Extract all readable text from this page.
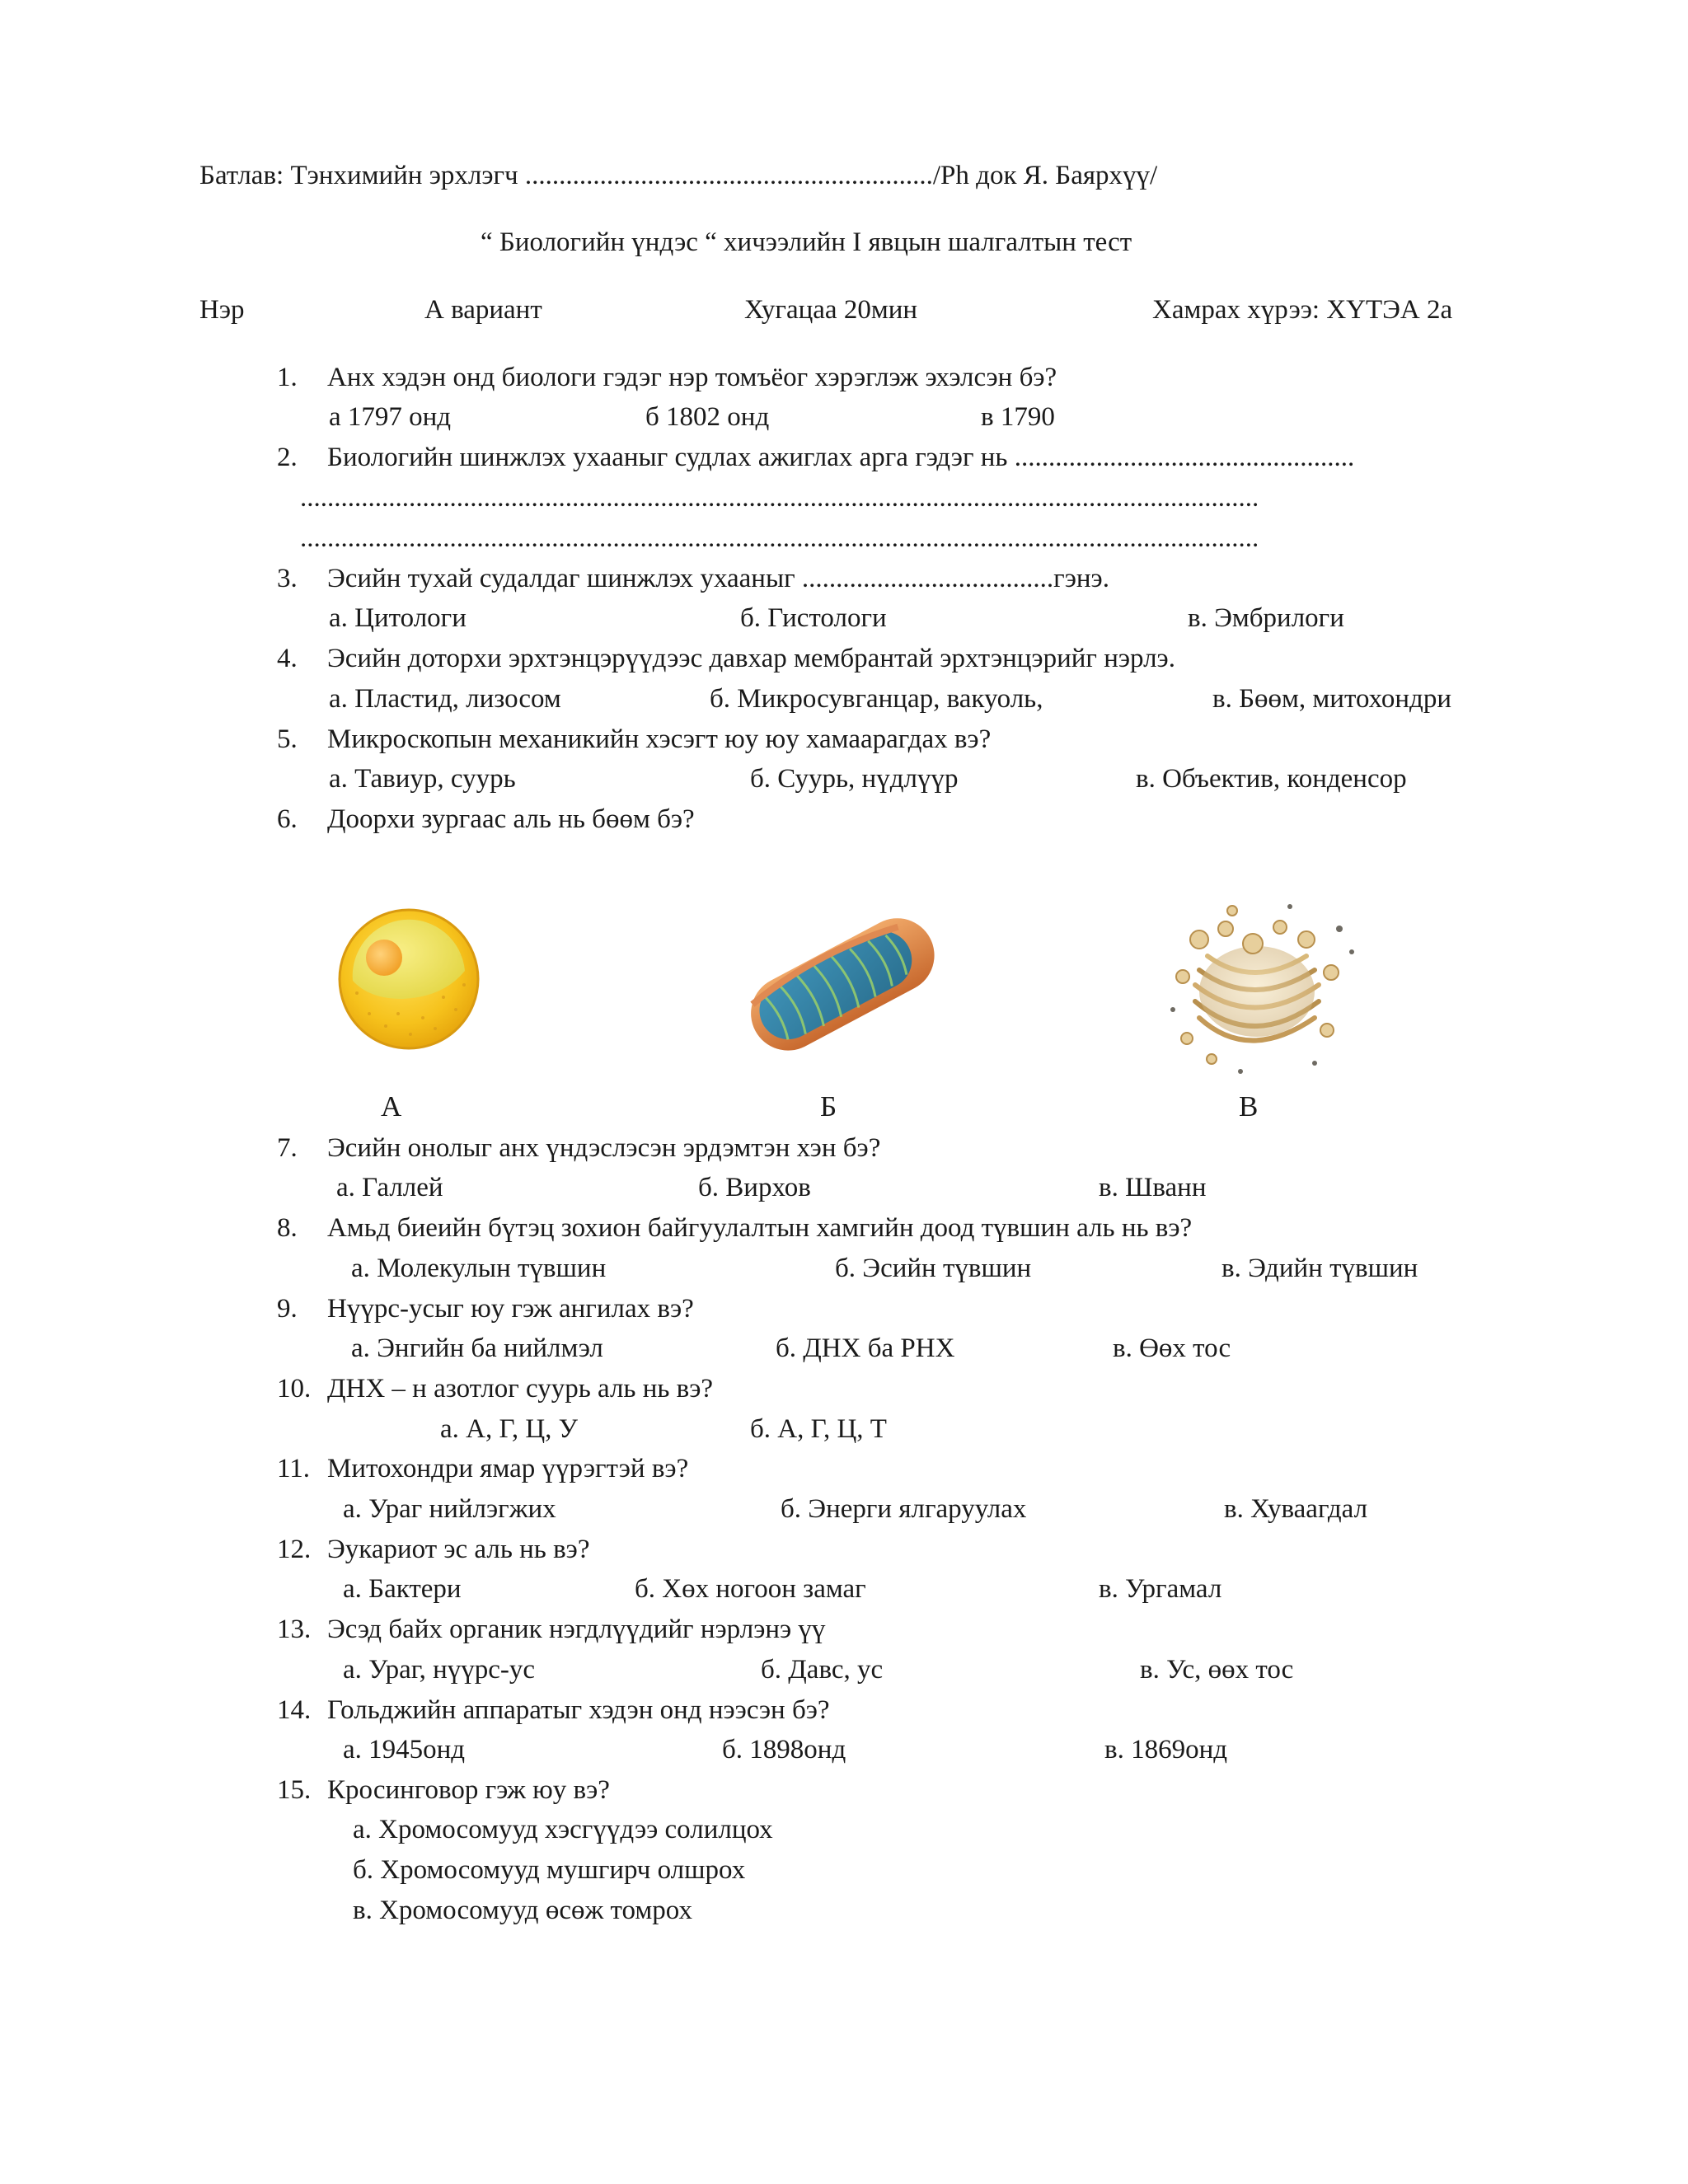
Батлав: Тэнхимийн эрхлэгч ............................................................/Ph док Я. Баярхүү/
“ Биологийн үндэс “ хичээлийн I явцын шалгалтын тест
Нэр	А вариант	Хугацаа 20мин	Хамрах хүрээ: ХҮТЭА 2а
1. Анх хэдэн онд биологи гэдэг нэр томъёог хэрэглэж эхэлсэн бэ?
а 1797 онд	б 1802 онд	в 1790
2. Биологийн шинжлэх ухааныг судлах ажиглах арга гэдэг нь ..................................................
.............................................................................................................................................
.............................................................................................................................................
3. Эсийн тухай судалдаг шинжлэх ухааныг .....................................гэнэ.
а. Цитологи	б. Гистологи	в. Эмбрилоги
4. Эсийн доторхи эрхтэнцэрүүдээс давхар мембрантай эрхтэнцэрийг нэрлэ.
а. Пластид, лизосом	б. Микросувганцар, вакуоль,	в. Бөөм, митохондри
5. Микроскопын механикийн хэсэгт юу юу хамаарагдах вэ?
а. Тавиур, суурь	б. Суурь, нүдлүүр	в. Объектив, конденсор
6. Доорхи зургаас аль нь бөөм бэ?
А	Б	В
7. Эсийн онолыг анх үндэслэсэн эрдэмтэн хэн бэ?
а. Галлей	б. Вирхов	в. Шванн
8. Амьд биеийн бүтэц зохион байгуулалтын хамгийн доод түвшин аль нь вэ?
а. Молекулын түвшин	б. Эсийн түвшин	в. Эдийн түвшин
9. Нүүрс-усыг юу гэж ангилах вэ?
а. Энгийн ба нийлмэл	б. ДНХ ба РНХ	в. Өөх тос
10. ДНХ – н азотлог суурь аль нь вэ?
а. А, Г, Ц, У	б. А, Г, Ц, Т
11. Митохондри ямар үүрэгтэй вэ?
а. Ураг нийлэгжих	б. Энерги ялгаруулах	в. Хуваагдал
12. Эукариот эс аль нь вэ?
а. Бактери	б. Хөх ногоон замаг	в. Ургамал
13. Эсэд байх органик нэгдлүүдийг нэрлэнэ үү
а. Ураг, нүүрс-ус	б. Давс, ус	в. Ус, өөх тос
14. Гольджийн аппаратыг хэдэн онд нээсэн бэ?
а. 1945онд	б. 1898онд	в. 1869онд
15. Кросинговор гэж юу вэ?
а. Хромосомууд хэсгүүдээ солилцох
б. Хромосомууд мушгирч олшрох
в. Хромосомууд өсөж томрох
